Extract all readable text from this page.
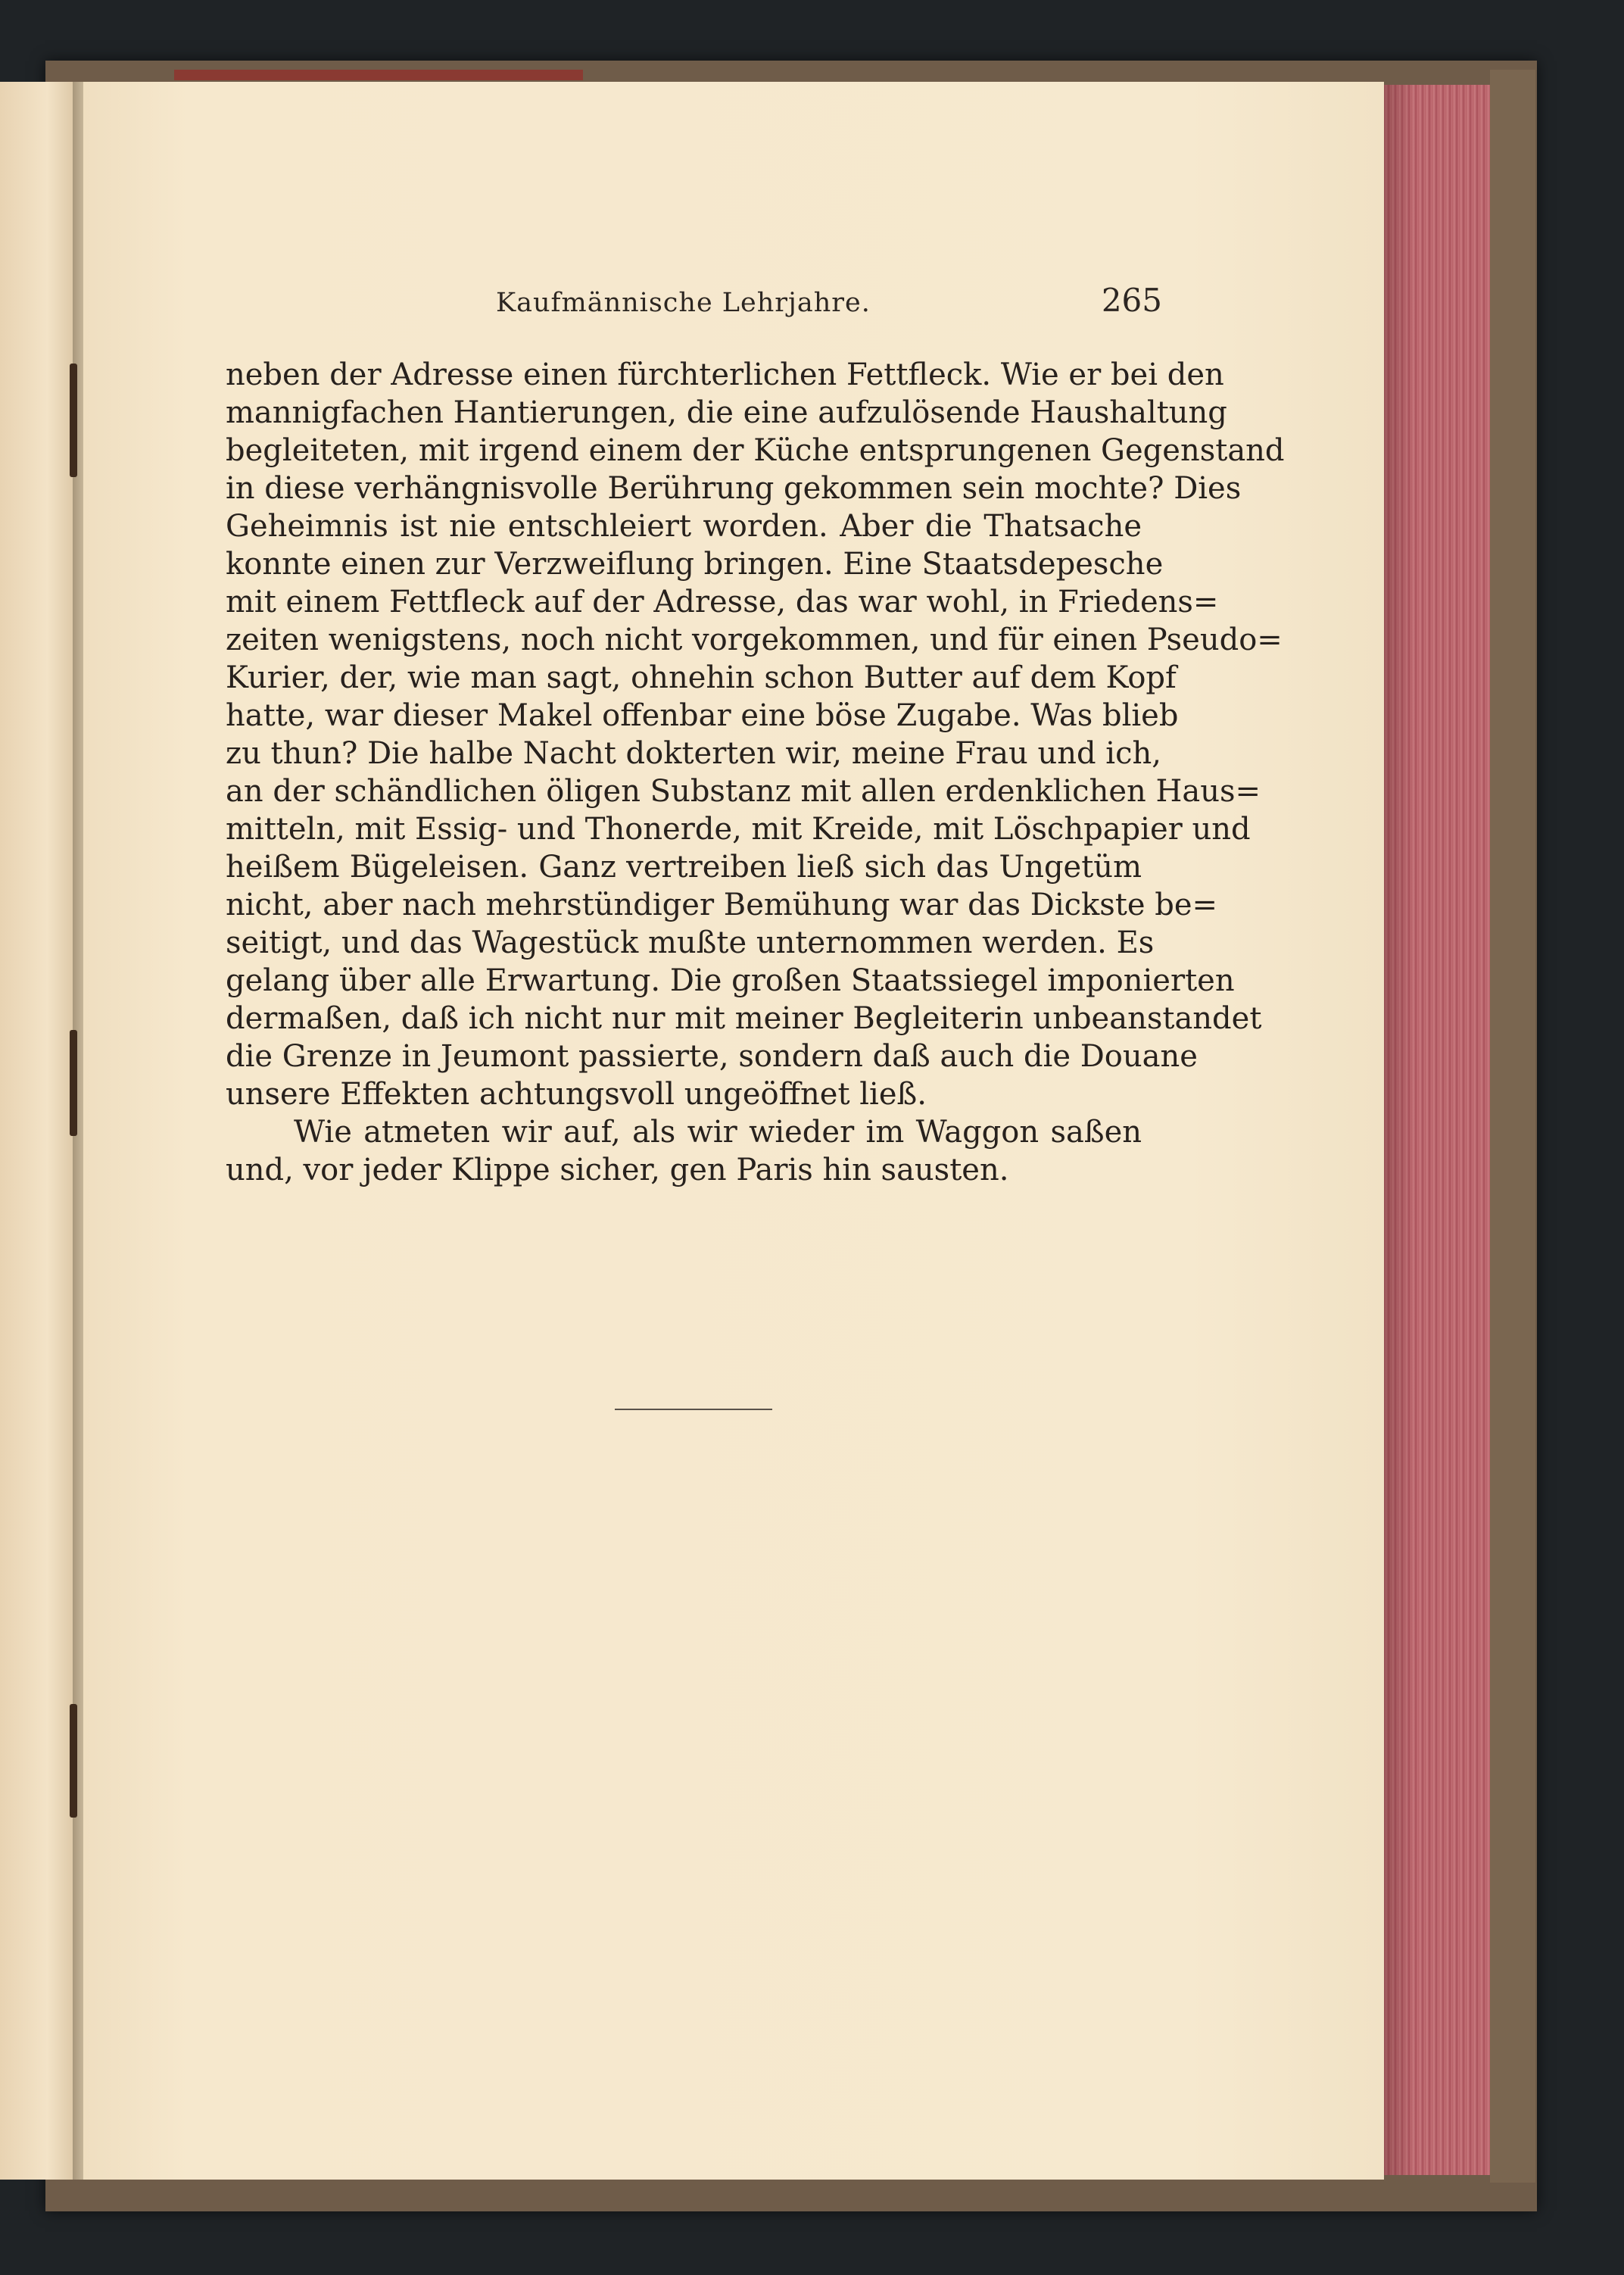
Kaufmännische Lehrjahre.	265
neben der Adresse einen fürchterlichen Fettfleck. Wie er bei den
mannigfachen Hantierungen, die eine aufzulösende Haushaltung
begleiteten, mit irgend einem der Küche entsprungenen Gegenstand
in diese verhängnisvolle Berührung gekommen sein mochte? Dies
Geheimnis ist nie entschleiert worden. Aber die Thatsache
konnte einen zur Verzweiflung bringen. Eine Staatsdepesche
mit einem Fettfleck auf der Adresse, das war wohl, in Friedens=
zeiten wenigstens, noch nicht vorgekommen, und für einen Pseudo=
Kurier, der, wie man sagt, ohnehin schon Butter auf dem Kopf
hatte, war dieser Makel offenbar eine böse Zugabe. Was blieb
zu thun? Die halbe Nacht dokterten wir, meine Frau und ich,
an der schändlichen öligen Substanz mit allen erdenklichen Haus=
mitteln, mit Essig- und Thonerde, mit Kreide, mit Löschpapier und
heißem Bügeleisen. Ganz vertreiben ließ sich das Ungetüm
nicht, aber nach mehrstündiger Bemühung war das Dickste be=
seitigt, und das Wagestück mußte unternommen werden. Es
gelang über alle Erwartung. Die großen Staatssiegel imponierten
dermaßen, daß ich nicht nur mit meiner Begleiterin unbeanstandet
die Grenze in Jeumont passierte, sondern daß auch die Douane
unsere Effekten achtungsvoll ungeöffnet ließ.
Wie atmeten wir auf, als wir wieder im Waggon saßen
und, vor jeder Klippe sicher, gen Paris hin sausten.
